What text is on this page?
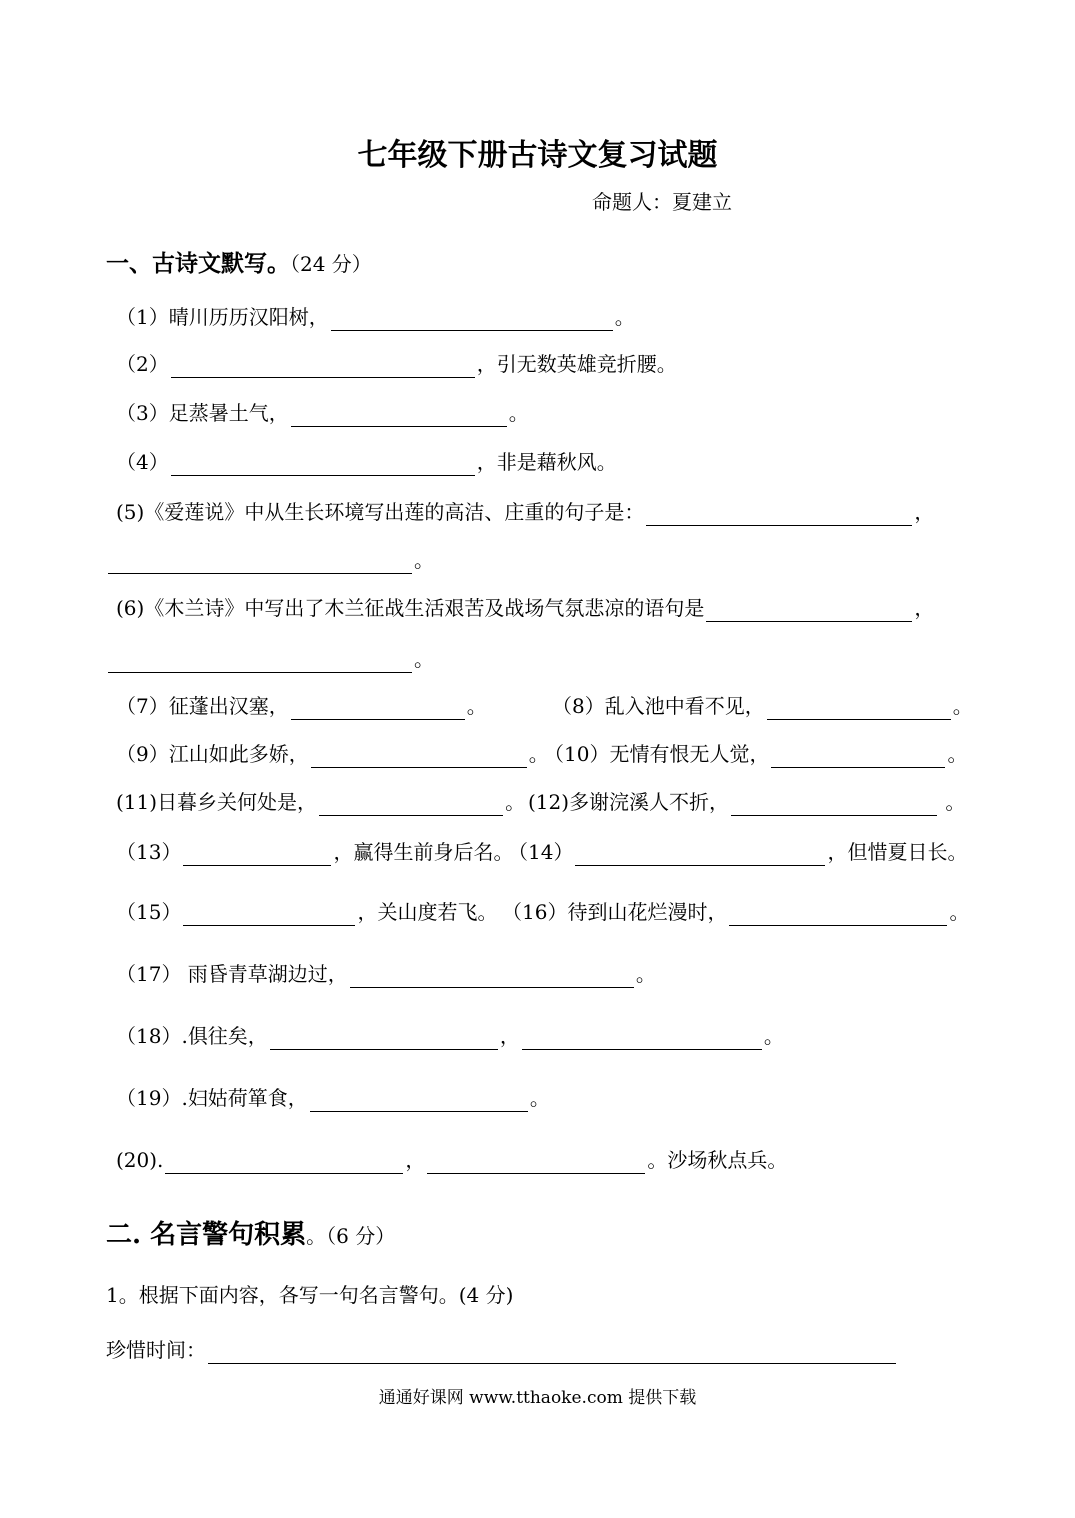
七年级下册古诗文复习试题
命题人：夏建立
一、古诗文默写。（24 分）
（1）晴川历历汉阳树，	。
（2）	，引无数英雄竞折腰。
（3）足蒸暑土气，	。
（4）	，非是藉秋风。
(5)《爱莲说》中从生长环境写出莲的高洁、庄重的句子是：	，
。
(6)《木兰诗》中写出了木兰征战生活艰苦及战场气氛悲凉的语句是	，
。
（7）征蓬出汉塞，	。	（8）乱入池中看不见，	。
（9）江山如此多娇，	。
（10）无情有恨无人觉，	。
(11)日暮乡关何处是，	。 (12)多谢浣溪人不折，	。
（13）	，赢得生前身后名。
（14）	，但惜夏日长。
（15）	，关山度若飞。 （16）待到山花烂漫时，	。
（17） 雨昏青草湖边过，	。
（18）.俱往矣，	，	。
（19）.妇姑荷箪食，	。
(20).	，	。沙场秋点兵。
二. 名言警句积累。（6 分）
1。根据下面内容，各写一句名言警句。(4 分)
珍惜时间：
通通好课网 www.tthaoke.com 提供下载
